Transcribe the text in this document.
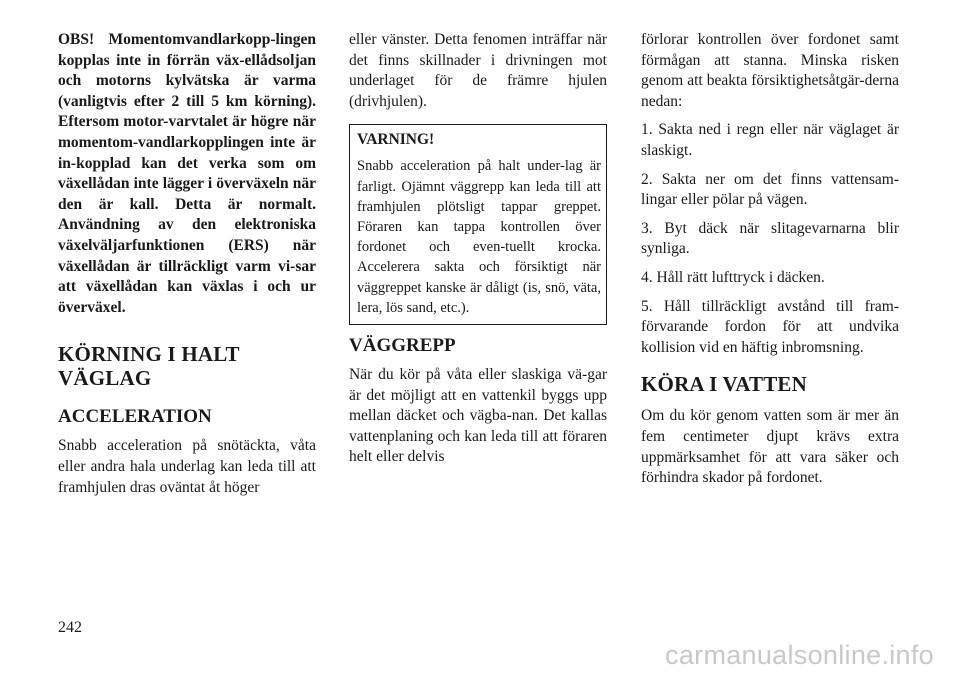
OBS! Momentomvandlarkopp-lingen kopplas inte in förrän väx-ellådsoljan och motorns kylvätska är varma (vanligtvis efter 2 till 5 km körning). Eftersom motor-varvtalet är högre när momentom-vandlarkopplingen inte är in-kopplad kan det verka som om växellådan inte lägger i överväxeln när den är kall. Detta är normalt. Användning av den elektroniska växelväljarfunktionen (ERS) när växellådan är tillräckligt varm vi-sar att växellådan kan växlas i och ur överväxel.

KÖRNING I HALT
VÄGLAG
ACCELERATION

Snabb acceleration på snötäckta, våta eller andra hala underlag kan leda till att framhjulen dras oväntat åt höger

eller vänster. Detta fenomen inträffar när det finns skillnader i drivningen mot underlaget för de främre hjulen (drivhjulen).

VARNING!

Snabb acceleration på halt under-lag är farligt. Ojämnt väggrepp kan leda till att framhjulen plötsligt tappar greppet. Föraren kan tappa kontrollen över fordonet och even-tuellt krocka. Accelerera sakta och försiktigt när väggreppet kanske är dåligt (is, snö, väta, lera, lös sand, etc.).

VÄGGREPP

När du kör på våta eller slaskiga vä-gar är det möjligt att en vattenkil byggs upp mellan däcket och vägba-nan. Det kallas vattenplaning och kan leda till att föraren helt eller delvis

förlorar kontrollen över fordonet samt förmågan att stanna. Minska risken genom att beakta försiktighetsåtgär-derna nedan:

1. Sakta ned i regn eller när väglaget är slaskigt.

2. Sakta ner om det finns vattensam-lingar eller pölar på vägen.

3. Byt däck när slitagevarnarna blir synliga.

4. Håll rätt lufttryck i däcken.

5. Håll tillräckligt avstånd till fram-förvarande fordon för att undvika kollision vid en häftig inbromsning.

KÖRA I VATTEN

Om du kör genom vatten som är mer än fem centimeter djupt krävs extra uppmärksamhet för att vara säker och förhindra skador på fordonet.

242
carmanualsonline.info
